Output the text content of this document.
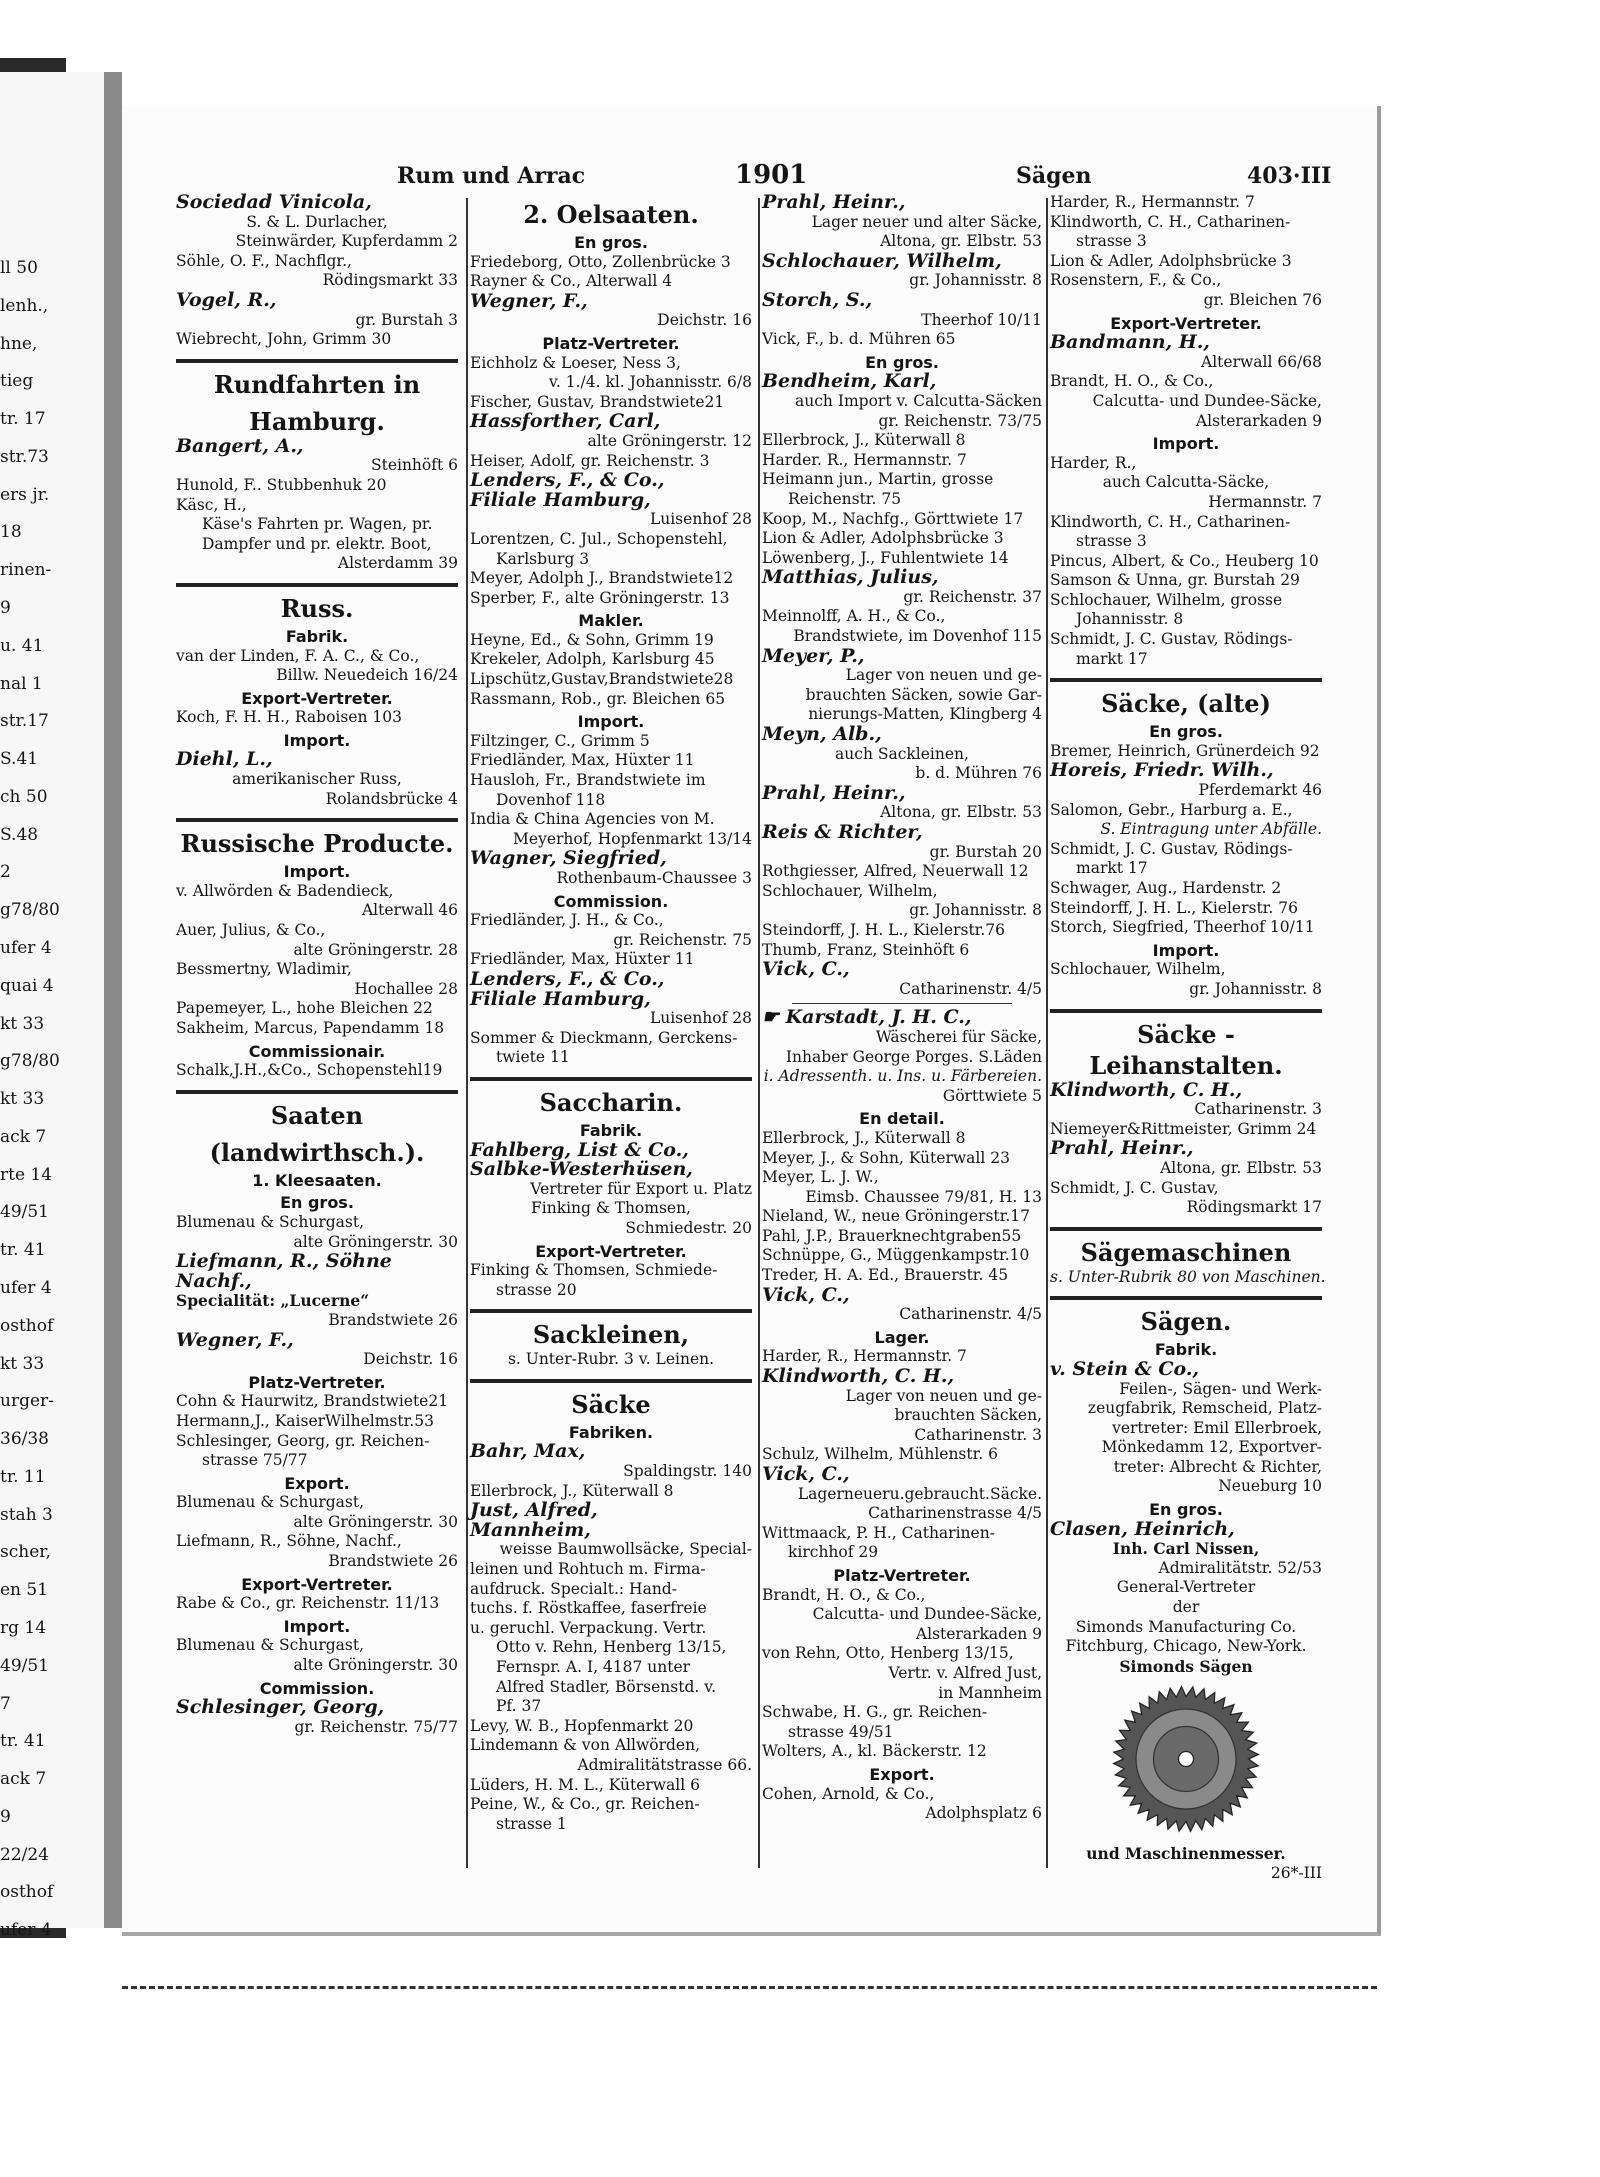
ll 50
lenh.,
hne,
tieg
tr. 17
str.73
ers jr.
18
rinen-
9
u. 41
nal 1
str.17
S.41
ch 50
S.48
2
g78/80
ufer 4
quai 4
kt 33
g78/80
kt 33
ack 7
rte 14
49/51
tr. 41
ufer 4
osthof
kt 33
urger-
36/38
tr. 11
stah 3
scher,
en 51
rg 14
49/51
7
tr. 41
ack 7
9
22/24
osthof
ufer 4
Rum und Arrac	1901	Sägen	403·III
Sociedad Vinicola,
S. & L. Durlacher,
Steinwärder, Kupferdamm 2
Söhle, O. F., Nachflgr.,
Rödingsmarkt 33
Vogel, R.,
gr. Burstah 3
Wiebrecht, John, Grimm 30
Rundfahrten in
Hamburg.
Bangert, A.,
Steinhöft 6
Hunold, F.. Stubbenhuk 20
Käsc, H.,
Käse's Fahrten pr. Wagen, pr.
Dampfer und pr. elektr. Boot,
Alsterdamm 39
Russ.
Fabrik.
van der Linden, F. A. C., & Co.,
Billw. Neuedeich 16/24
Export-Vertreter.
Koch, F. H. H., Raboisen 103
Import.
Diehl, L.,
amerikanischer Russ,
Rolandsbrücke 4
Russische Producte.
Import.
v. Allwörden & Badendieck,
Alterwall 46
Auer, Julius, & Co.,
alte Gröningerstr. 28
Bessmertny, Wladimir,
Hochallee 28
Papemeyer, L., hohe Bleichen 22
Sakheim, Marcus, Papendamm 18
Commissionair.
Schalk,J.H.,&Co., Schopenstehl19
Saaten
(landwirthsch.).
1. Kleesaaten.
En gros.
Blumenau & Schurgast,
alte Gröningerstr. 30
Liefmann, R., Söhne
Nachf.,
Specialität: „Lucerne“
Brandstwiete 26
Wegner, F.,
Deichstr. 16
Platz-Vertreter.
Cohn & Haurwitz, Brandstwiete21
Hermann,J., KaiserWilhelmstr.53
Schlesinger, Georg, gr. Reichen-
strasse 75/77
Export.
Blumenau & Schurgast,
alte Gröningerstr. 30
Liefmann, R., Söhne, Nachf.,
Brandstwiete 26
Export-Vertreter.
Rabe & Co., gr. Reichenstr. 11/13
Import.
Blumenau & Schurgast,
alte Gröningerstr. 30
Commission.
Schlesinger, Georg,
gr. Reichenstr. 75/77
2. Oelsaaten.
En gros.
Friedeborg, Otto, Zollenbrücke 3
Rayner & Co., Alterwall 4
Wegner, F.,
Deichstr. 16
Platz-Vertreter.
Eichholz & Loeser, Ness 3,
v. 1./4. kl. Johannisstr. 6/8
Fischer, Gustav, Brandstwiete21
Hassforther, Carl,
alte Gröningerstr. 12
Heiser, Adolf, gr. Reichenstr. 3
Lenders, F., & Co.,
Filiale Hamburg,
Luisenhof 28
Lorentzen, C. Jul., Schopenstehl,
Karlsburg 3
Meyer, Adolph J., Brandstwiete12
Sperber, F., alte Gröningerstr. 13
Makler.
Heyne, Ed., & Sohn, Grimm 19
Krekeler, Adolph, Karlsburg 45
Lipschütz,Gustav,Brandstwiete28
Rassmann, Rob., gr. Bleichen 65
Import.
Filtzinger, C., Grimm 5
Friedländer, Max, Hüxter 11
Hausloh, Fr., Brandstwiete im
Dovenhof 118
India & China Agencies von M.
Meyerhof, Hopfenmarkt 13/14
Wagner, Siegfried,
Rothenbaum-Chaussee 3
Commission.
Friedländer, J. H., & Co.,
gr. Reichenstr. 75
Friedländer, Max, Hüxter 11
Lenders, F., & Co.,
Filiale Hamburg,
Luisenhof 28
Sommer & Dieckmann, Gerckens-
twiete 11
Saccharin.
Fabrik.
Fahlberg, List & Co.,
Salbke-Westerhüsen,
Vertreter für Export u. Platz
Finking & Thomsen,
Schmiedestr. 20
Export-Vertreter.
Finking & Thomsen, Schmiede-
strasse 20
Sackleinen,
s. Unter-Rubr. 3 v. Leinen.
Säcke
Fabriken.
Bahr, Max,
Spaldingstr. 140
Ellerbrock, J., Küterwall 8
Just, Alfred,
Mannheim,
weisse Baumwollsäcke, Special-
leinen und Rohtuch m. Firma-
aufdruck. Specialt.: Hand-
tuchs. f. Röstkaffee, faserfreie
u. geruchl. Verpackung. Vertr.
Otto v. Rehn, Henberg 13/15,
Fernspr. A. I, 4187 unter
Alfred Stadler, Börsenstd. v.
Pf. 37
Levy, W. B., Hopfenmarkt 20
Lindemann & von Allwörden,
Admiralitätstrasse 66.
Lüders, H. M. L., Küterwall 6
Peine, W., & Co., gr. Reichen-
strasse 1
Prahl, Heinr.,
Lager neuer und alter Säcke,
Altona, gr. Elbstr. 53
Schlochauer, Wilhelm,
gr. Johannisstr. 8
Storch, S.,
Theerhof 10/11
Vick, F., b. d. Mühren 65
En gros.
Bendheim, Karl,
auch Import v. Calcutta-Säcken
gr. Reichenstr. 73/75
Ellerbrock, J., Küterwall 8
Harder. R., Hermannstr. 7
Heimann jun., Martin, grosse
Reichenstr. 75
Koop, M., Nachfg., Görttwiete 17
Lion & Adler, Adolphsbrücke 3
Löwenberg, J., Fuhlentwiete 14
Matthias, Julius,
gr. Reichenstr. 37
Meinnolff, A. H., & Co.,
Brandstwiete, im Dovenhof 115
Meyer, P.,
Lager von neuen und ge-
brauchten Säcken, sowie Gar-
nierungs-Matten, Klingberg 4
Meyn, Alb.,
auch Sackleinen,
b. d. Mühren 76
Prahl, Heinr.,
Altona, gr. Elbstr. 53
Reis & Richter,
gr. Burstah 20
Rothgiesser, Alfred, Neuerwall 12
Schlochauer, Wilhelm,
gr. Johannisstr. 8
Steindorff, J. H. L., Kielerstr.76
Thumb, Franz, Steinhöft 6
Vick, C.,
Catharinenstr. 4/5
☛ Karstadt, J. H. C.,
Wäscherei für Säcke,
Inhaber George Porges. S.Läden
i. Adressenth. u. Ins. u. Färbereien.
Görttwiete 5
En detail.
Ellerbrock, J., Küterwall 8
Meyer, J., & Sohn, Küterwall 23
Meyer, L. J. W.,
Eimsb. Chaussee 79/81, H. 13
Nieland, W., neue Gröningerstr.17
Pahl, J.P., Brauerknechtgraben55
Schnüppe, G., Müggenkampstr.10
Treder, H. A. Ed., Brauerstr. 45
Vick, C.,
Catharinenstr. 4/5
Lager.
Harder, R., Hermannstr. 7
Klindworth, C. H.,
Lager von neuen und ge-
brauchten Säcken,
Catharinenstr. 3
Schulz, Wilhelm, Mühlenstr. 6
Vick, C.,
Lagerneueru.gebraucht.Säcke.
Catharinenstrasse 4/5
Wittmaack, P. H., Catharinen-
kirchhof 29
Platz-Vertreter.
Brandt, H. O., & Co.,
Calcutta- und Dundee-Säcke,
Alsterarkaden 9
von Rehn, Otto, Henberg 13/15,
Vertr. v. Alfred Just,
in Mannheim
Schwabe, H. G., gr. Reichen-
strasse 49/51
Wolters, A., kl. Bäckerstr. 12
Export.
Cohen, Arnold, & Co.,
Adolphsplatz 6
Harder, R., Hermannstr. 7
Klindworth, C. H., Catharinen-
strasse 3
Lion & Adler, Adolphsbrücke 3
Rosenstern, F., & Co.,
gr. Bleichen 76
Export-Vertreter.
Bandmann, H.,
Alterwall 66/68
Brandt, H. O., & Co.,
Calcutta- und Dundee-Säcke,
Alsterarkaden 9
Import.
Harder, R.,
auch Calcutta-Säcke,
Hermannstr. 7
Klindworth, C. H., Catharinen-
strasse 3
Pincus, Albert, & Co., Heuberg 10
Samson & Unna, gr. Burstah 29
Schlochauer, Wilhelm, grosse
Johannisstr. 8
Schmidt, J. C. Gustav, Rödings-
markt 17
Säcke, (alte)
En gros.
Bremer, Heinrich, Grünerdeich 92
Horeis, Friedr. Wilh.,
Pferdemarkt 46
Salomon, Gebr., Harburg a. E.,
S. Eintragung unter Abfälle.
Schmidt, J. C. Gustav, Rödings-
markt 17
Schwager, Aug., Hardenstr. 2
Steindorff, J. H. L., Kielerstr. 76
Storch, Siegfried, Theerhof 10/11
Import.
Schlochauer, Wilhelm,
gr. Johannisstr. 8
Säcke -Leihanstalten.
Klindworth, C. H.,
Catharinenstr. 3
Niemeyer&Rittmeister, Grimm 24
Prahl, Heinr.,
Altona, gr. Elbstr. 53
Schmidt, J. C. Gustav,
Rödingsmarkt 17
Sägemaschinen
s. Unter-Rubrik 80 von Maschinen.
Sägen.
Fabrik.
v. Stein & Co.,
Feilen-, Sägen- und Werk-
zeugfabrik, Remscheid, Platz-
vertreter: Emil Ellerbroek,
Mönkedamm 12, Exportver-
treter: Albrecht & Richter,
Neueburg 10
En gros.
Clasen, Heinrich,
Inh. Carl Nissen,
Admiralitätstr. 52/53
General-Vertreter
der
Simonds Manufacturing Co.
Fitchburg, Chicago, New-York.
Simonds Sägen
und Maschinenmesser.
26*-III
